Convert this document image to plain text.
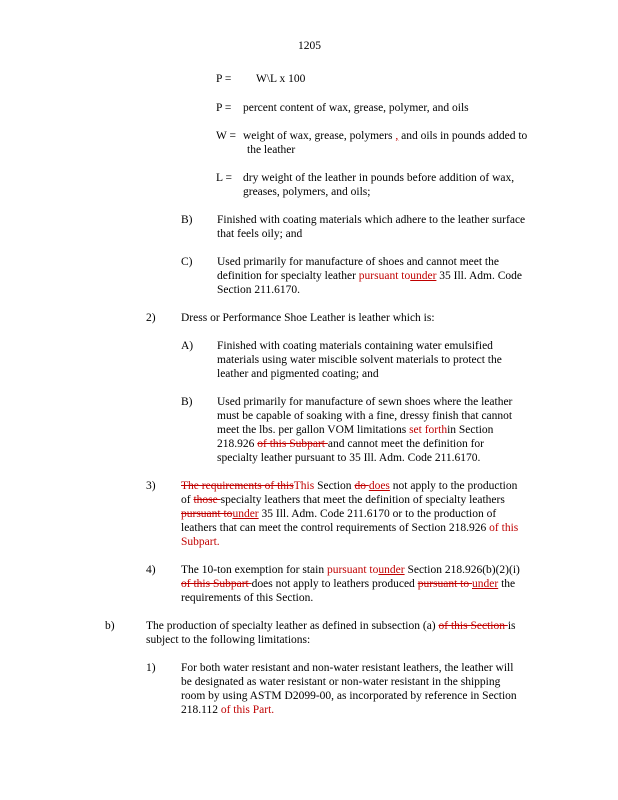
1205
P = W\L x 100
P = percent content of wax, grease, polymer, and oils
W = weight of wax, grease, polymers , and oils in pounds added to
the leather
L = dry weight of the leather in pounds before addition of wax,
greases, polymers, and oils;
B) Finished with coating materials which adhere to the leather surface
that feels oily; and
C) Used primarily for manufacture of shoes and cannot meet the
definition for specialty leather pursuant tounder 35 Ill. Adm. Code
Section 211.6170.
2) Dress or Performance Shoe Leather is leather which is:
A) Finished with coating materials containing water emulsified
materials using water miscible solvent materials to protect the
leather and pigmented coating; and
B) Used primarily for manufacture of sewn shoes where the leather
must be capable of soaking with a fine, dressy finish that cannot
meet the lbs. per gallon VOM limitations set forthin Section
218.926 of this Subpart and cannot meet the definition for
specialty leather pursuant to 35 Ill. Adm. Code 211.6170.
3) The requirements of thisThis Section do does not apply to the production
of those specialty leathers that meet the definition of specialty leathers
pursuant tounder 35 Ill. Adm. Code 211.6170 or to the production of
leathers that can meet the control requirements of Section 218.926 of this
Subpart.
4) The 10-ton exemption for stain pursuant tounder Section 218.926(b)(2)(i)
of this Subpart does not apply to leathers produced pursuant to under the
requirements of this Section.
b)	The production of specialty leather as defined in subsection (a) of this Section is
subject to the following limitations:
1) For both water resistant and non-water resistant leathers, the leather will
be designated as water resistant or non-water resistant in the shipping
room by using ASTM D2099-00, as incorporated by reference in Section
218.112 of this Part.
